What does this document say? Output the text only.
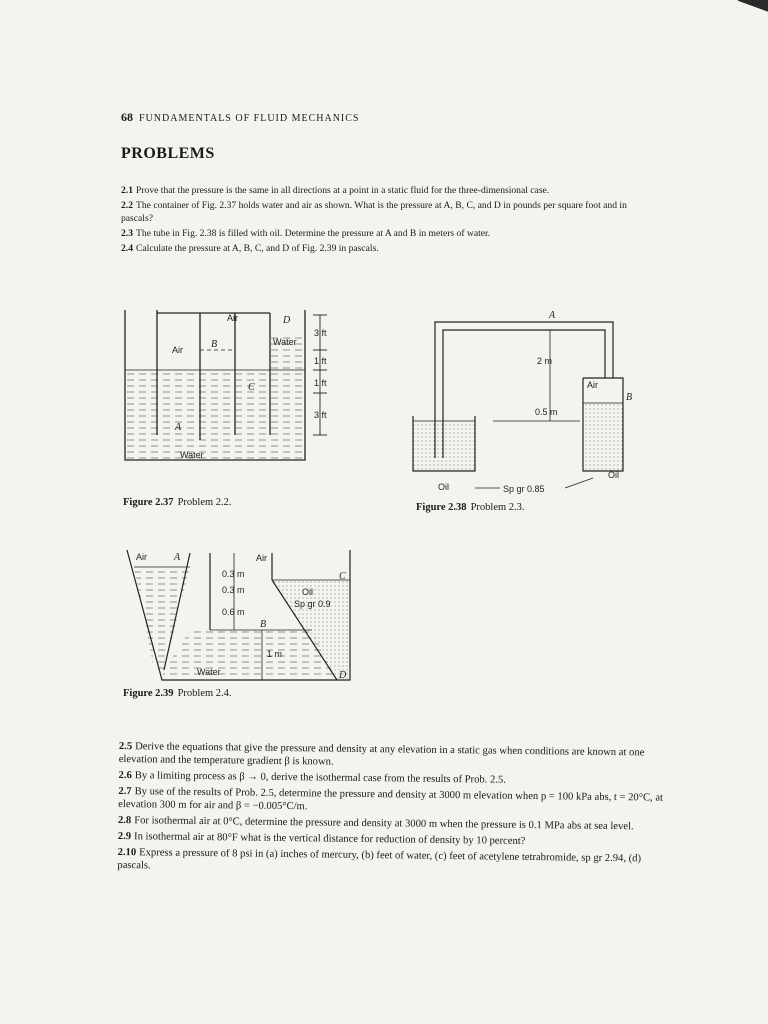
68 FUNDAMENTALS OF FLUID MECHANICS
PROBLEMS

2.1 Prove that the pressure is the same in all directions at a point in a static fluid for the three-dimensional case.

2.2 The container of Fig. 2.37 holds water and air as shown. What is the pressure at A, B, C, and D in pounds per square foot and in pascals?

2.3 The tube in Fig. 2.38 is filled with oil. Determine the pressure at A and B in meters of water.

2.4 Calculate the pressure at A, B, C, and D of Fig. 2.39 in pascals.

Air	D
Water
Air	B
C
A
Water
3 ft
1 ft
1 ft
3 ft
Figure 2.37 Problem 2.2.
A
2 m
Air
B
0.5 m
Oil
Oil
Sp gr 0.85
Figure 2.38 Problem 2.3.
Air	A	Air
0.3 m
0.3 m
0.6 m
B
C
Oil
Sp gr 0.9
1 m
Water	D
Figure 2.39 Problem 2.4.

2.5 Derive the equations that give the pressure and density at any elevation in a static gas when conditions are known at one elevation and the temperature gradient β is known.

2.6 By a limiting process as β → 0, derive the isothermal case from the results of Prob. 2.5.

2.7 By use of the results of Prob. 2.5, determine the pressure and density at 3000 m elevation when p = 100 kPa abs, t = 20°C, at elevation 300 m for air and β = −0.005°C/m.

2.8 For isothermal air at 0°C, determine the pressure and density at 3000 m when the pressure is 0.1 MPa abs at sea level.

2.9 In isothermal air at 80°F what is the vertical distance for reduction of density by 10 percent?

2.10 Express a pressure of 8 psi in (a) inches of mercury, (b) feet of water, (c) feet of acetylene tetrabromide, sp gr 2.94, (d) pascals.
